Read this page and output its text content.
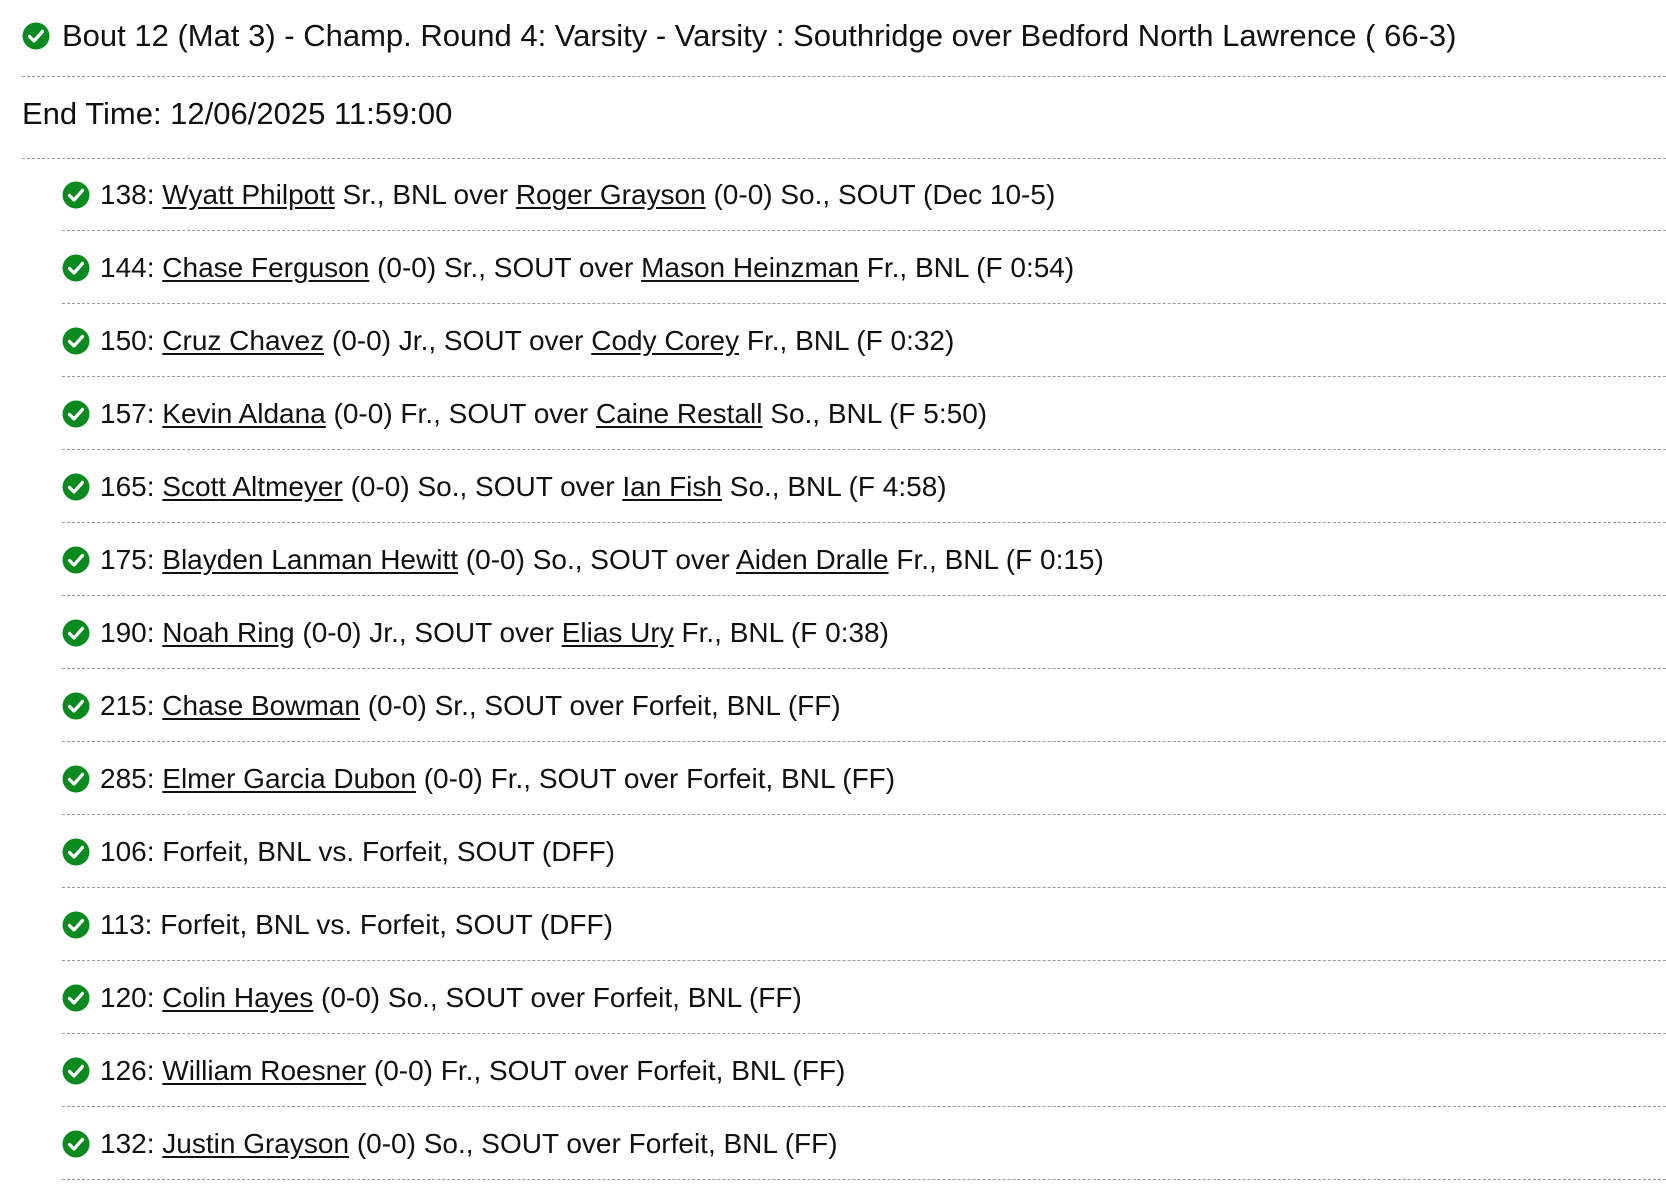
Bout 12 (Mat 3) - Champ. Round 4: Varsity - Varsity : Southridge over Bedford North Lawrence ( 66-3)
End Time: 12/06/2025 11:59:00
138: Wyatt Philpott Sr., BNL over Roger Grayson (0-0) So., SOUT (Dec 10-5)
144: Chase Ferguson (0-0) Sr., SOUT over Mason Heinzman Fr., BNL (F 0:54)
150: Cruz Chavez (0-0) Jr., SOUT over Cody Corey Fr., BNL (F 0:32)
157: Kevin Aldana (0-0) Fr., SOUT over Caine Restall So., BNL (F 5:50)
165: Scott Altmeyer (0-0) So., SOUT over Ian Fish So., BNL (F 4:58)
175: Blayden Lanman Hewitt (0-0) So., SOUT over Aiden Dralle Fr., BNL (F 0:15)
190: Noah Ring (0-0) Jr., SOUT over Elias Ury Fr., BNL (F 0:38)
215: Chase Bowman (0-0) Sr., SOUT over Forfeit, BNL (FF)
285: Elmer Garcia Dubon (0-0) Fr., SOUT over Forfeit, BNL (FF)
106: Forfeit, BNL vs. Forfeit, SOUT (DFF)
113: Forfeit, BNL vs. Forfeit, SOUT (DFF)
120: Colin Hayes (0-0) So., SOUT over Forfeit, BNL (FF)
126: William Roesner (0-0) Fr., SOUT over Forfeit, BNL (FF)
132: Justin Grayson (0-0) So., SOUT over Forfeit, BNL (FF)
